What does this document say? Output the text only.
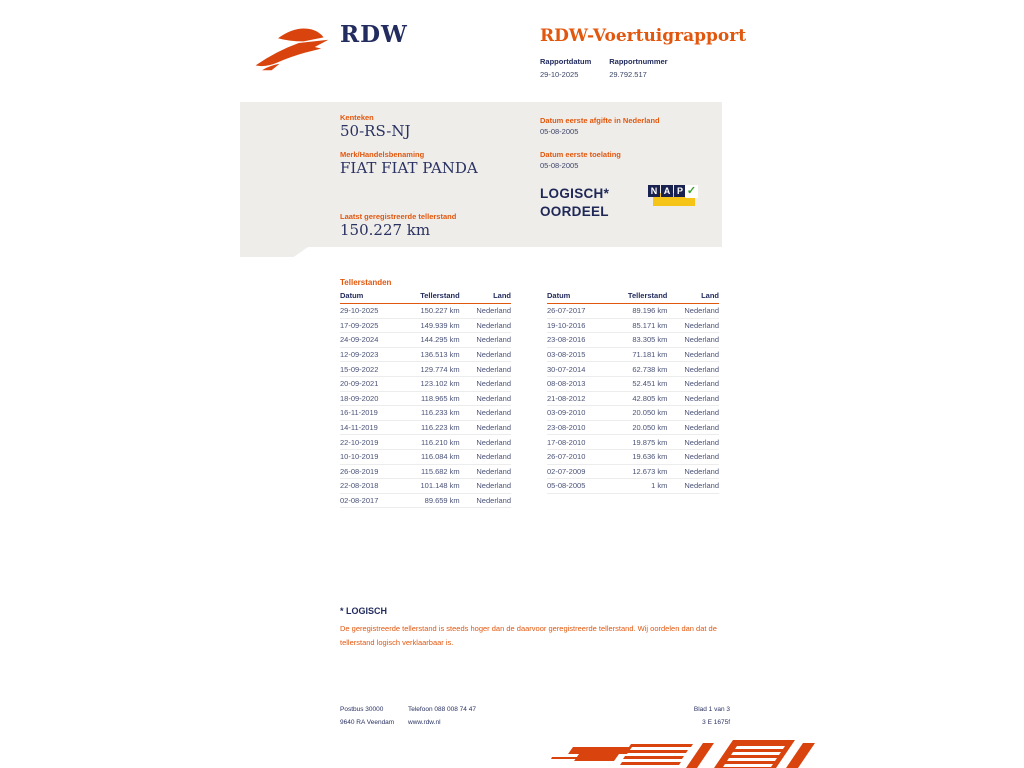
RDW	RDW-Voertuigrapport
Rapportdatum
29-10-2025
Rapportnummer
29.792.517
Kenteken
50-RS-NJ
Merk/Handelsbenaming
FIAT FIAT PANDA
Laatst geregistreerde tellerstand
150.227 km
Datum eerste afgifte in Nederland
05-08-2005
Datum eerste toelating
05-08-2005
LOGISCH*
OORDEEL
N A P ✓
Tellerstanden
Datum	Tellerstand	Land
29-10-2025	150.227 km	Nederland
17-09-2025	149.939 km	Nederland
24-09-2024	144.295 km	Nederland
12-09-2023	136.513 km	Nederland
15-09-2022	129.774 km	Nederland
20-09-2021	123.102 km	Nederland
18-09-2020	118.965 km	Nederland
16-11-2019	116.233 km	Nederland
14-11-2019	116.223 km	Nederland
22-10-2019	116.210 km	Nederland
10-10-2019	116.084 km	Nederland
26-08-2019	115.682 km	Nederland
22-08-2018	101.148 km	Nederland
02-08-2017	89.659 km	Nederland
Datum	Tellerstand	Land
26-07-2017	89.196 km	Nederland
19-10-2016	85.171 km	Nederland
23-08-2016	83.305 km	Nederland
03-08-2015	71.181 km	Nederland
30-07-2014	62.738 km	Nederland
08-08-2013	52.451 km	Nederland
21-08-2012	42.805 km	Nederland
03-09-2010	20.050 km	Nederland
23-08-2010	20.050 km	Nederland
17-08-2010	19.875 km	Nederland
26-07-2010	19.636 km	Nederland
02-07-2009	12.673 km	Nederland
05-08-2005	1 km	Nederland
* LOGISCH
De geregistreerde tellerstand is steeds hoger dan de daarvoor geregistreerde tellerstand. Wij oordelen dan dat de tellerstand logisch verklaarbaar is.
Postbus 30000
9640 RA Veendam
Telefoon 088 008 74 47
www.rdw.nl
Blad 1 van 3
3 E 1675f
